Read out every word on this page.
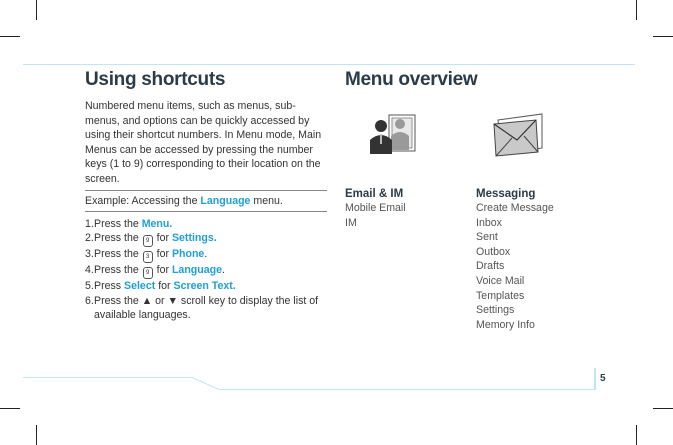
Using shortcuts
Numbered menu items, such as menus, sub-menus, and options can be quickly accessed by using their shortcut numbers. In Menu mode, Main Menus can be accessed by pressing the number keys (1 to 9) corresponding to their location on the screen.
Example: Accessing the Language menu.
1. Press the Menu.
2. Press the 9 for Settings.
3. Press the 3 for Phone.
4. Press the 9 for Language.
5. Press Select for Screen Text.
6. Press the ▲ or ▼ scroll key to display the list of available languages.
Menu overview
Email & IM
Mobile Email
IM
Messaging
Create Message
Inbox
Sent
Outbox
Drafts
Voice Mail
Templates
Settings
Memory Info
5
